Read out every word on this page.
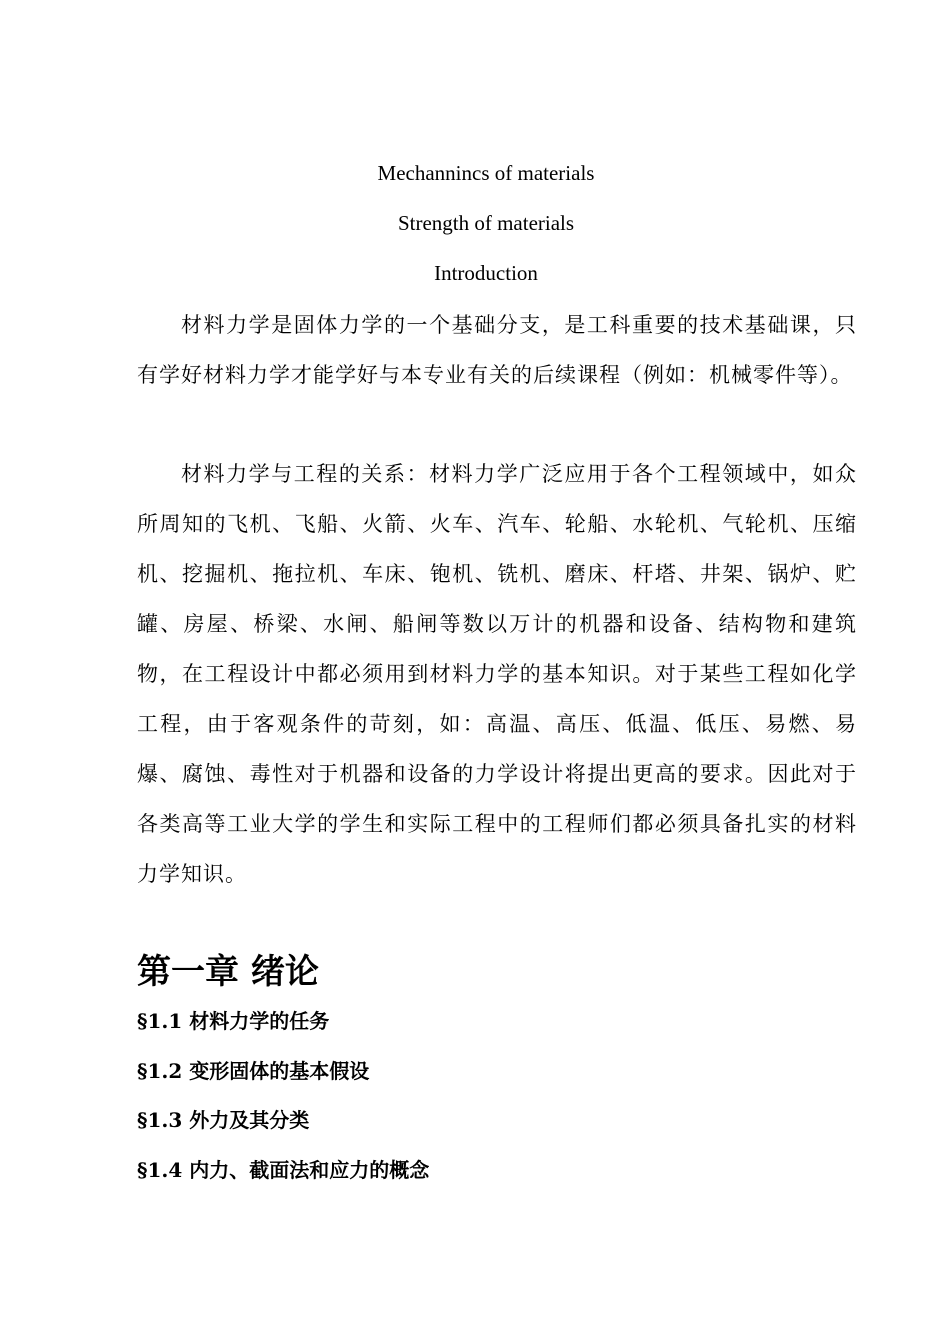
Mechannincs of materials
Strength of materials
Introduction

材料力学是固体力学的一个基础分支，是工科重要的技术基础课，只有学好材料力学才能学好与本专业有关的后续课程（例如：机械零件等）。

材料力学与工程的关系：材料力学广泛应用于各个工程领域中，如众所周知的飞机、飞船、火箭、火车、汽车、轮船、水轮机、气轮机、压缩机、挖掘机、拖拉机、车床、铇机、铣机、磨床、杆塔、井架、锅炉、贮罐、房屋、桥梁、水闸、船闸等数以万计的机器和设备、结构物和建筑物，在工程设计中都必须用到材料力学的基本知识。对于某些工程如化学工程，由于客观条件的苛刻，如：高温、高压、低温、低压、易燃、易爆、腐蚀、毒性对于机器和设备的力学设计将提出更高的要求。因此对于各类高等工业大学的学生和实际工程中的工程师们都必须具备扎实的材料力学知识。

第一章 绪论
§1.1 材料力学的任务
§1.2 变形固体的基本假设
§1.3 外力及其分类
§1.4 内力、截面法和应力的概念
